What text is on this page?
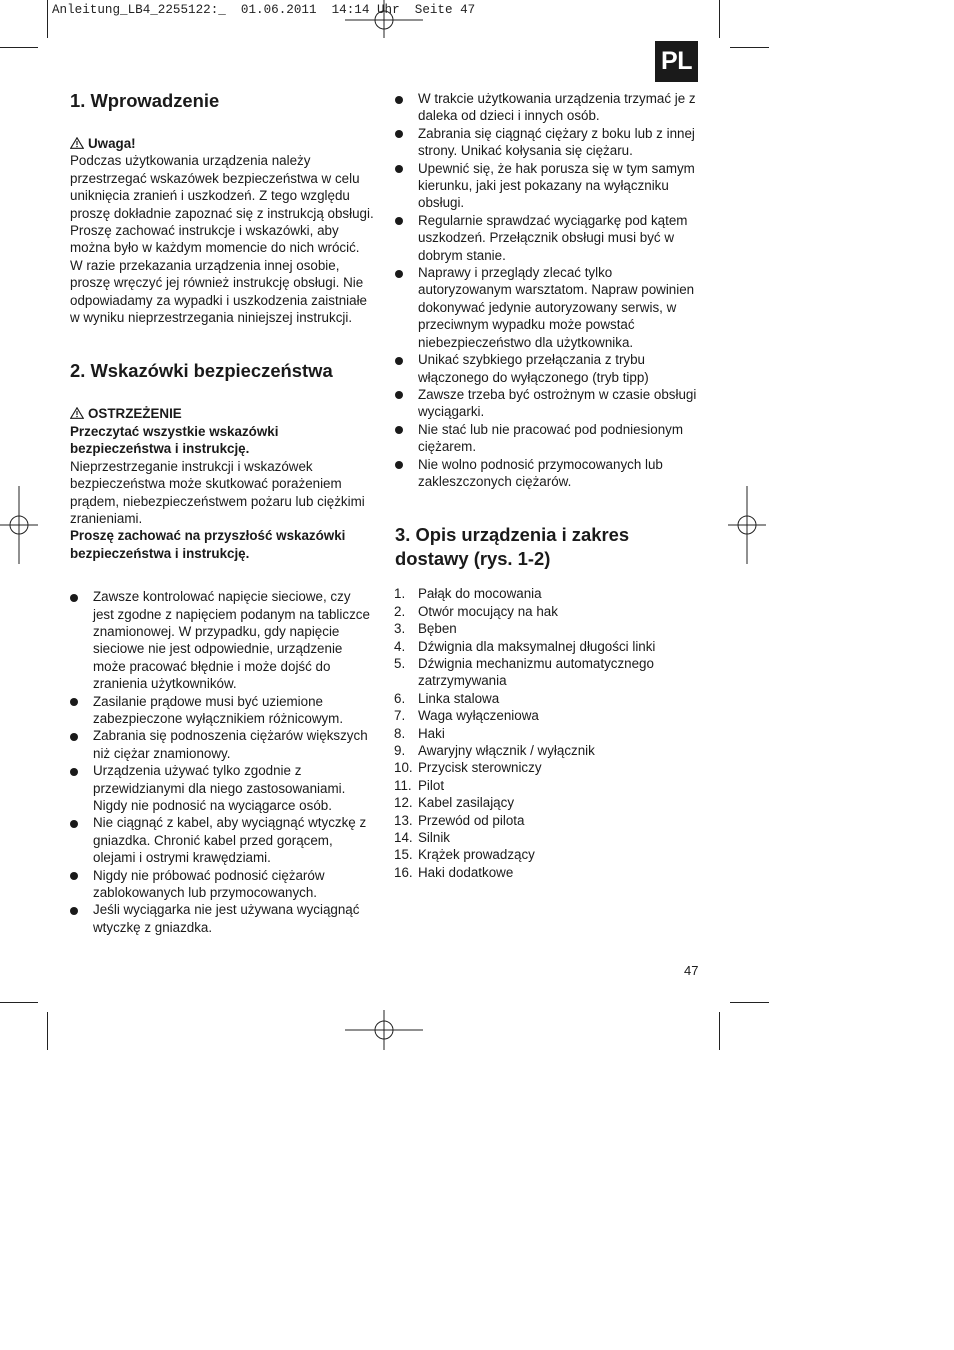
Anleitung_LB4_2255122:_  01.06.2011  14:14 Uhr  Seite 47
PL
1. Wprowadzenie
Uwaga!

Podczas użytkowania urządzenia należy przestrzegać wskazówek bezpieczeństwa w celu uniknięcia zranień i uszkodzeń. Z tego względu proszę dokładnie zapoznać się z instrukcją obsługi. Proszę zachować instrukcje i wskazówki, aby można było w każdym momencie do nich wrócić. W razie przekazania urządzenia innej osobie, proszę wręczyć jej również instrukcję obsługi. Nie odpowiadamy za wypadki i uszkodzenia zaistniałe w wyniku nieprzestrzegania niniejszej instrukcji.

2. Wskazówki bezpieczeństwa
OSTRZEŻENIE

Przeczytać wszystkie wskazówki bezpieczeństwa i instrukcję.

Nieprzestrzeganie instrukcji i wskazówek bezpieczeństwa może skutkować porażeniem prądem, niebezpieczeństwem pożaru lub ciężkimi zranieniami.

Proszę zachować na przyszłość wskazówki bezpieczeństwa i instrukcję.

Zawsze kontrolować napięcie sieciowe, czy jest zgodne z napięciem podanym na tabliczce znamionowej. W przypadku, gdy napięcie sieciowe nie jest odpowiednie, urządzenie może pracować błędnie i może dojść do zranienia użytkowników.
Zasilanie prądowe musi być uziemione zabezpieczone wyłącznikiem różnicowym.
Zabrania się podnoszenia ciężarów większych niż ciężar znamionowy.
Urządzenia używać tylko zgodnie z przewidzianymi dla niego zastosowaniami. Nigdy nie podnosić na wyciągarce osób.
Nie ciągnąć z kabel, aby wyciągnąć wtyczkę z gniazdka. Chronić kabel przed gorącem, olejami i ostrymi krawędziami.
Nigdy nie próbować podnosić ciężarów zablokowanych lub przymocowanych.
Jeśli wyciągarka nie jest używana wyciągnąć wtyczkę z gniazdka.
W trakcie użytkowania urządzenia trzymać je z daleka od dzieci i innych osób.
Zabrania się ciągnąć ciężary z boku lub z innej strony. Unikać kołysania się ciężaru.
Upewnić się, że hak porusza się w tym samym kierunku, jaki jest pokazany na wyłączniku obsługi.
Regularnie sprawdzać wyciągarkę pod kątem uszkodzeń. Przełącznik obsługi musi być w dobrym stanie.
Naprawy i przeglądy zlecać tylko autoryzowanym warsztatom. Napraw powinien dokonywać jedynie autoryzowany serwis, w przeciwnym wypadku może powstać niebezpieczeństwo dla użytkownika.
Unikać szybkiego przełączania z trybu włączonego do wyłączonego (tryb tipp)
Zawsze trzeba być ostrożnym w czasie obsługi wyciągarki.
Nie stać lub nie pracować pod podniesionym ciężarem.
Nie wolno podnosić przymocowanych lub zakleszczonych ciężarów.
3. Opis urządzenia i zakres dostawy (rys. 1-2)
1. Pałąk do mocowania
2. Otwór mocujący na hak
3. Bęben
4. Dźwignia dla maksymalnej długości linki
5. Dźwignia mechanizmu automatycznego zatrzymywania
6. Linka stalowa
7. Waga wyłączeniowa
8. Haki
9. Awaryjny włącznik / wyłącznik
10. Przycisk sterowniczy
11. Pilot
12. Kabel zasilający
13. Przewód od pilota
14. Silnik
15. Krążek prowadzący
16. Haki dodatkowe
47
